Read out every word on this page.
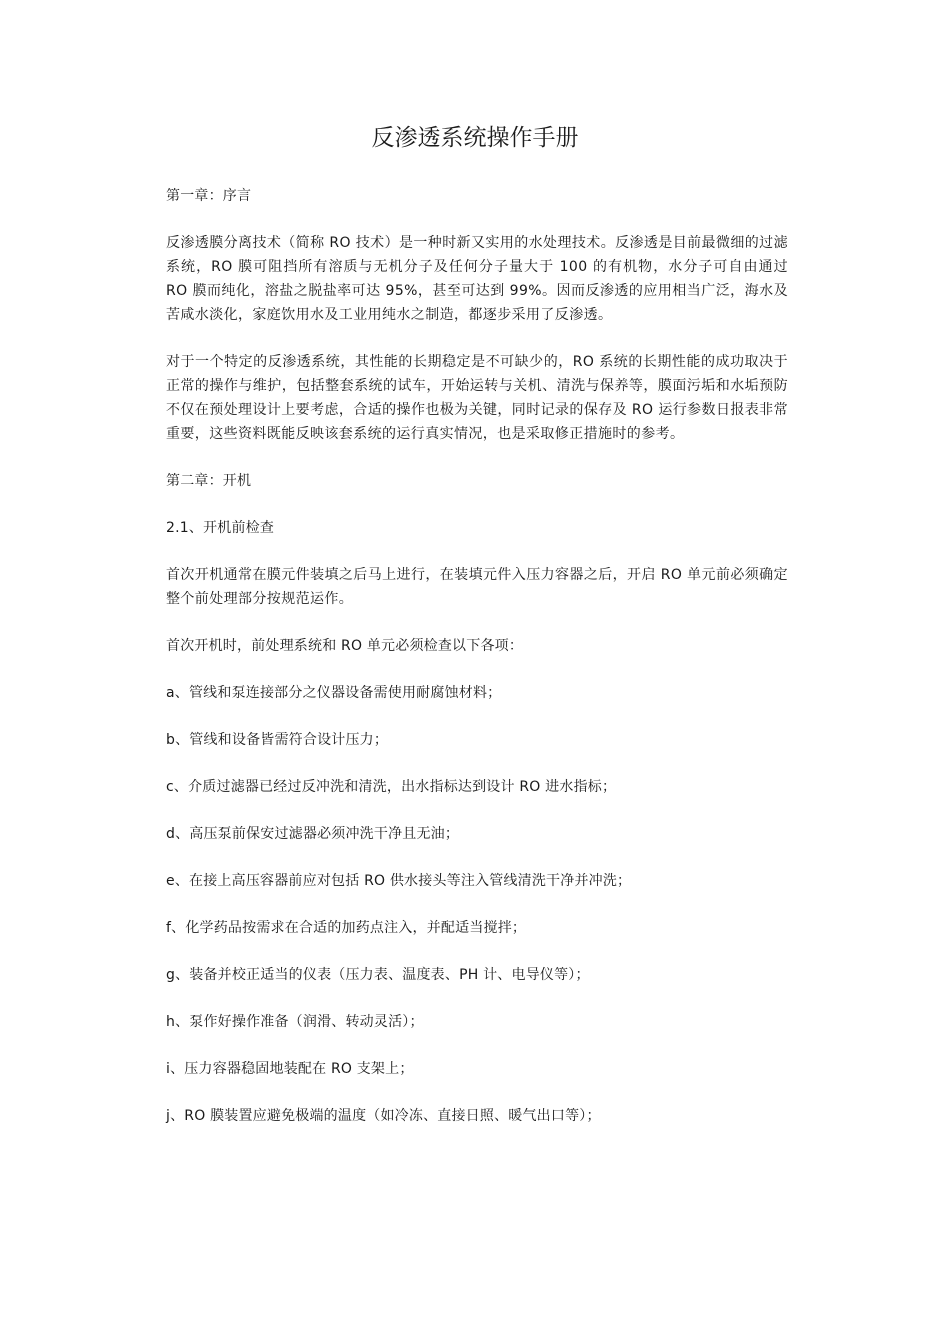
反渗透系统操作手册

第一章：序言

反渗透膜分离技术（简称 RO 技术）是一种时新又实用的水处理技术。反渗透是目前最微细的过滤系统，RO 膜可阻挡所有溶质与无机分子及任何分子量大于 100 的有机物，水分子可自由通过 RO 膜而纯化，溶盐之脱盐率可达 95%，甚至可达到 99%。因而反渗透的应用相当广泛，海水及苦咸水淡化，家庭饮用水及工业用纯水之制造，都逐步采用了反渗透。

对于一个特定的反渗透系统，其性能的长期稳定是不可缺少的，RO 系统的长期性能的成功取决于正常的操作与维护，包括整套系统的试车，开始运转与关机、清洗与保养等，膜面污垢和水垢预防不仅在预处理设计上要考虑，合适的操作也极为关键，同时记录的保存及 RO 运行参数日报表非常重要，这些资料既能反映该套系统的运行真实情况，也是采取修正措施时的参考。

第二章：开机

2.1、开机前检查

首次开机通常在膜元件装填之后马上进行，在装填元件入压力容器之后，开启 RO 单元前必须确定整个前处理部分按规范运作。

首次开机时，前处理系统和 RO 单元必须检查以下各项：

a、管线和泵连接部分之仪器设备需使用耐腐蚀材料；

b、管线和设备皆需符合设计压力；

c、介质过滤器已经过反冲洗和清洗，出水指标达到设计 RO 进水指标；

d、高压泵前保安过滤器必须冲洗干净且无油；

e、在接上高压容器前应对包括 RO 供水接头等注入管线清洗干净并冲洗；

f、化学药品按需求在合适的加药点注入，并配适当搅拌；

g、装备并校正适当的仪表（压力表、温度表、PH 计、电导仪等）；

h、泵作好操作准备（润滑、转动灵活）；

i、压力容器稳固地装配在 RO 支架上；

j、RO 膜装置应避免极端的温度（如冷冻、直接日照、暖气出口等）；
